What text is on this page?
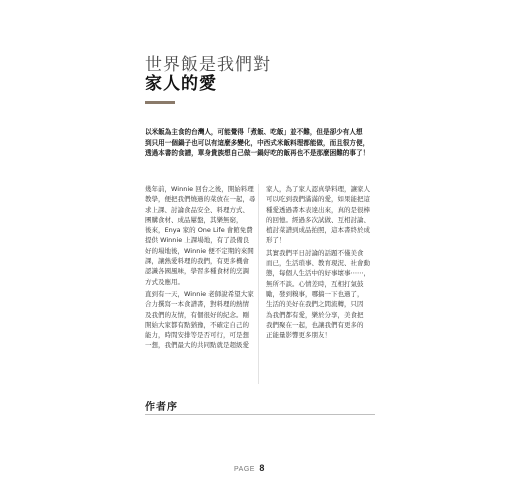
世界飯是我們對
家人的愛
以米飯為主食的台灣人，可能覺得「煮飯、吃飯」並不難，但是卻少有人想
到只用一個鍋子也可以有這麼多變化，中西式米飯料理都能做，而且很方便，
透過本書的食譜，單身貴族想自己做一鍋好吃的飯再也不是那麼困難的事了！
幾年前，Winnie 回台之後，開始料理
教學，便把我們燒過的菜放在一起，尋
求上課、討論食品安全、料理方式、
團購食材、成品屢盤，其樂無窮，
後來，Enya 家的 One Life 會館免費
提供 Winnie 上課場地，有了設備良
好的場地後，Winnie 便不定期的來開
課，讓熱愛料理的我們，有更多機會
認識各國風味，學習多種食材的烹調
方式及應用。
直到有一天，Winnie 老師說希望大家
合力撰寫一本食譜書，對料理的熱情
及我們的友情，有個很好的紀念。剛
開始大家都有點猶豫，不確定自己的
能力，時間安排等是否可行，可是想
一想，我們最大的共同點就是超級愛
家人，為了家人認真學料理，讓家人
可以吃到我們滿滿的愛，如果能把這
種愛透過書本表達出來，真的是很棒
的回憶。經過多次試做、互相討論、
植討菜譜到成品拍照，這本書終於成
形了！
其實我們平日討論的話題不僅美食
而已，生活瑣事、教育現況、社會動
態，每個人生活中的好事壞事⋯⋯，
無所不談。心情差時，互相打氣鼓
勵，發到糗事，哪搞一下也過了，
生活的美好在我們之間流轉，只因
為我們都有愛，樂於分享，美食把
我們聚在一起，也讓我們有更多的
正能量影響更多朋友！
作者序
PAGE 8
